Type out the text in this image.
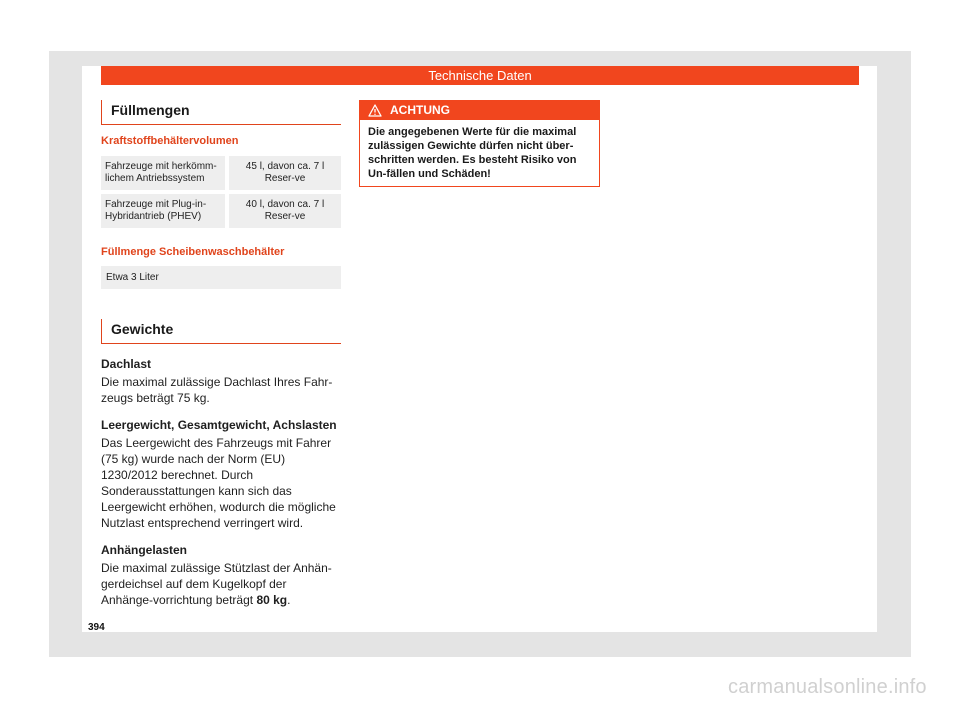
Technische Daten
Füllmengen
Kraftstoffbehältervolumen
Fahrzeuge mit herkömm-lichem Antriebssystem		45 l, davon ca. 7 l Reser-ve
Fahrzeuge mit Plug-in-Hybridantrieb (PHEV)		40 l, davon ca. 7 l Reser-ve
Füllmenge Scheibenwaschbehälter
Etwa 3 Liter
Gewichte
Dachlast
Die maximal zulässige Dachlast Ihres Fahr-zeugs beträgt 75 kg.
Leergewicht, Gesamtgewicht, Achslasten
Das Leergewicht des Fahrzeugs mit Fahrer (75 kg) wurde nach der Norm (EU) 1230/2012 berechnet. Durch Sonderausstattungen kann sich das Leergewicht erhöhen, wodurch die mögliche Nutzlast entsprechend verringert wird.
Anhängelasten
Die maximal zulässige Stützlast der Anhän-gerdeichsel auf dem Kugelkopf der Anhänge-vorrichtung beträgt 80 kg.
ACHTUNG
Die angegebenen Werte für die maximal zulässigen Gewichte dürfen nicht über-schritten werden. Es besteht Risiko von Un-fällen und Schäden!
394
carmanualsonline.info
